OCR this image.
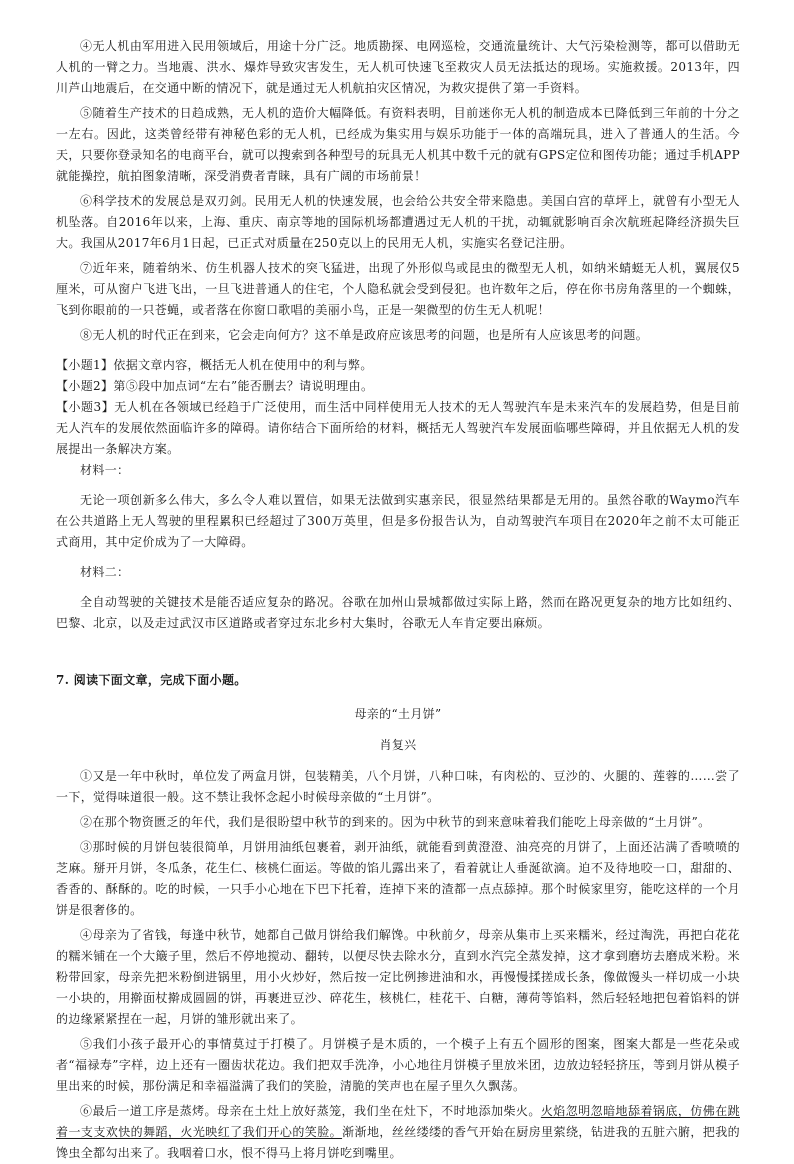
④无人机由军用进入民用领域后，用途十分广泛。地质勘探、电网巡检，交通流量统计、大气污染检测等，都可以借助无人机的一臂之力。当地震、洪水、爆炸导致灾害发生，无人机可快速飞至救灾人员无法抵达的现场。实施救援。2013年，四川芦山地震后，在交通中断的情况下，就是通过无人机航拍灾区情况，为救灾提供了第一手资料。

⑤随着生产技术的日趋成熟，无人机的造价大幅降低。有资料表明，目前迷你无人机的制造成本已降低到三年前的十分之一左右。因此，这类曾经带有神秘色彩的无人机，已经成为集实用与娱乐功能于一体的高端玩具，进入了普通人的生活。今天，只要你登录知名的电商平台，就可以搜索到各种型号的玩具无人机其中数千元的就有GPS定位和图传功能；通过手机APP就能操控，航拍图象清晰，深受消费者青睐，具有广阔的市场前景！

⑥科学技术的发展总是双刃剑。民用无人机的快速发展，也会给公共安全带来隐患。美国白宫的草坪上，就曾有小型无人机坠落。自2016年以来，上海、重庆、南京等地的国际机场都遭遇过无人机的干扰，动辄就影响百余次航班起降经济损失巨大。我国从2017年6月1日起，已正式对质量在250克以上的民用无人机，实施实名登记注册。

⑦近年来，随着纳米、仿生机器人技术的突飞猛进，出现了外形似鸟或昆虫的微型无人机，如纳米蜻蜓无人机，翼展仅5厘米，可从窗户飞进飞出，一旦飞进普通人的住宅，个人隐私就会受到侵犯。也许数年之后，停在你书房角落里的一个蜘蛛，飞到你眼前的一只苍蝇，或者落在你窗口歌唱的美丽小鸟，正是一架微型的仿生无人机呢！

⑧无人机的时代正在到来，它会走向何方？这不单是政府应该思考的问题，也是所有人应该思考的问题。

【小题1】依据文章内容，概括无人机在使用中的利与弊。

【小题2】第⑤段中加点词“左右”能否删去？请说明理由。

【小题3】无人机在各领域已经趋于广泛使用，而生活中同样使用无人技术的无人驾驶汽车是未来汽车的发展趋势，但是目前无人汽车的发展依然面临许多的障碍。请你结合下面所给的材料，概括无人驾驶汽车发展面临哪些障碍，并且依据无人机的发展提出一条解决方案。

材料一：

无论一项创新多么伟大，多么令人难以置信，如果无法做到实惠亲民，很显然结果都是无用的。虽然谷歌的Waymo汽车在公共道路上无人驾驶的里程累积已经超过了300万英里，但是多份报告认为，自动驾驶汽车项目在2020年之前不太可能正式商用，其中定价成为了一大障碍。

材料二：

全自动驾驶的关键技术是能否适应复杂的路况。谷歌在加州山景城都做过实际上路，然而在路况更复杂的地方比如纽约、巴黎、北京，以及走过武汉市区道路或者穿过东北乡村大集时，谷歌无人车肯定要出麻烦。

7. 阅读下面文章，完成下面小题。

母亲的“土月饼”

肖复兴

①又是一年中秋时，单位发了两盒月饼，包装精美，八个月饼，八种口味，有肉松的、豆沙的、火腿的、莲蓉的……尝了一下，觉得味道很一般。这不禁让我怀念起小时候母亲做的“土月饼”。

②在那个物资匮乏的年代，我们是很盼望中秋节的到来的。因为中秋节的到来意味着我们能吃上母亲做的“土月饼”。

③那时候的月饼包装很简单，月饼用油纸包裹着，剥开油纸，就能看到黄澄澄、油亮亮的月饼了，上面还沾满了香喷喷的芝麻。掰开月饼，冬瓜条，花生仁、核桃仁面运。等做的馅儿露出来了，看着就让人垂涎欲滴。迫不及待地咬一口，甜甜的、香香的、酥酥的。吃的时候，一只手小心地在下巴下托着，连掉下来的渣都一点点舔掉。那个时候家里穷，能吃这样的一个月饼是很奢侈的。

④母亲为了省钱，每逢中秋节，她都自己做月饼给我们解馋。中秋前夕，母亲从集市上买来糯米，经过淘洗，再把白花花的糯米铺在一个大簸子里，然后不停地搅动、翻转，以便尽快去除水分，直到水汽完全蒸发掉，这才拿到磨坊去磨成米粉。米粉带回家，母亲先把米粉倒进锅里，用小火炒好，然后按一定比例掺进油和水，再慢慢揉搓成长条，像做馒头一样切成一小块一小块的，用擀面杖擀成圆圆的饼，再裹进豆沙、碎花生，核桃仁，桂花干、白糖，薄荷等馅料，然后轻轻地把包着馅料的饼的边缘紧紧捏在一起，月饼的雏形就出来了。

⑤我们小孩子最开心的事情莫过于打模了。月饼模子是木质的，一个模子上有五个圆形的图案，图案大都是一些花朵或者“福禄寿”字样，边上还有一圈齿状花边。我们把双手洗净，小心地往月饼模子里放米团，边放边轻轻挤压，等到月饼从模子里出来的时候，那份满足和幸福溢满了我们的笑脸，清脆的笑声也在屋子里久久飘荡。

⑥最后一道工序是蒸烤。母亲在土灶上放好蒸笼，我们坐在灶下，不时地添加柴火。火焰忽明忽暗地舔着锅底，仿佛在跳着一支支欢快的舞蹈，火光映红了我们开心的笑脸。渐渐地，丝丝缕缕的香气开始在厨房里萦绕，钻进我的五脏六腑，把我的馋虫全都勾出来了。我咽着口水，恨不得马上将月饼吃到嘴里。
